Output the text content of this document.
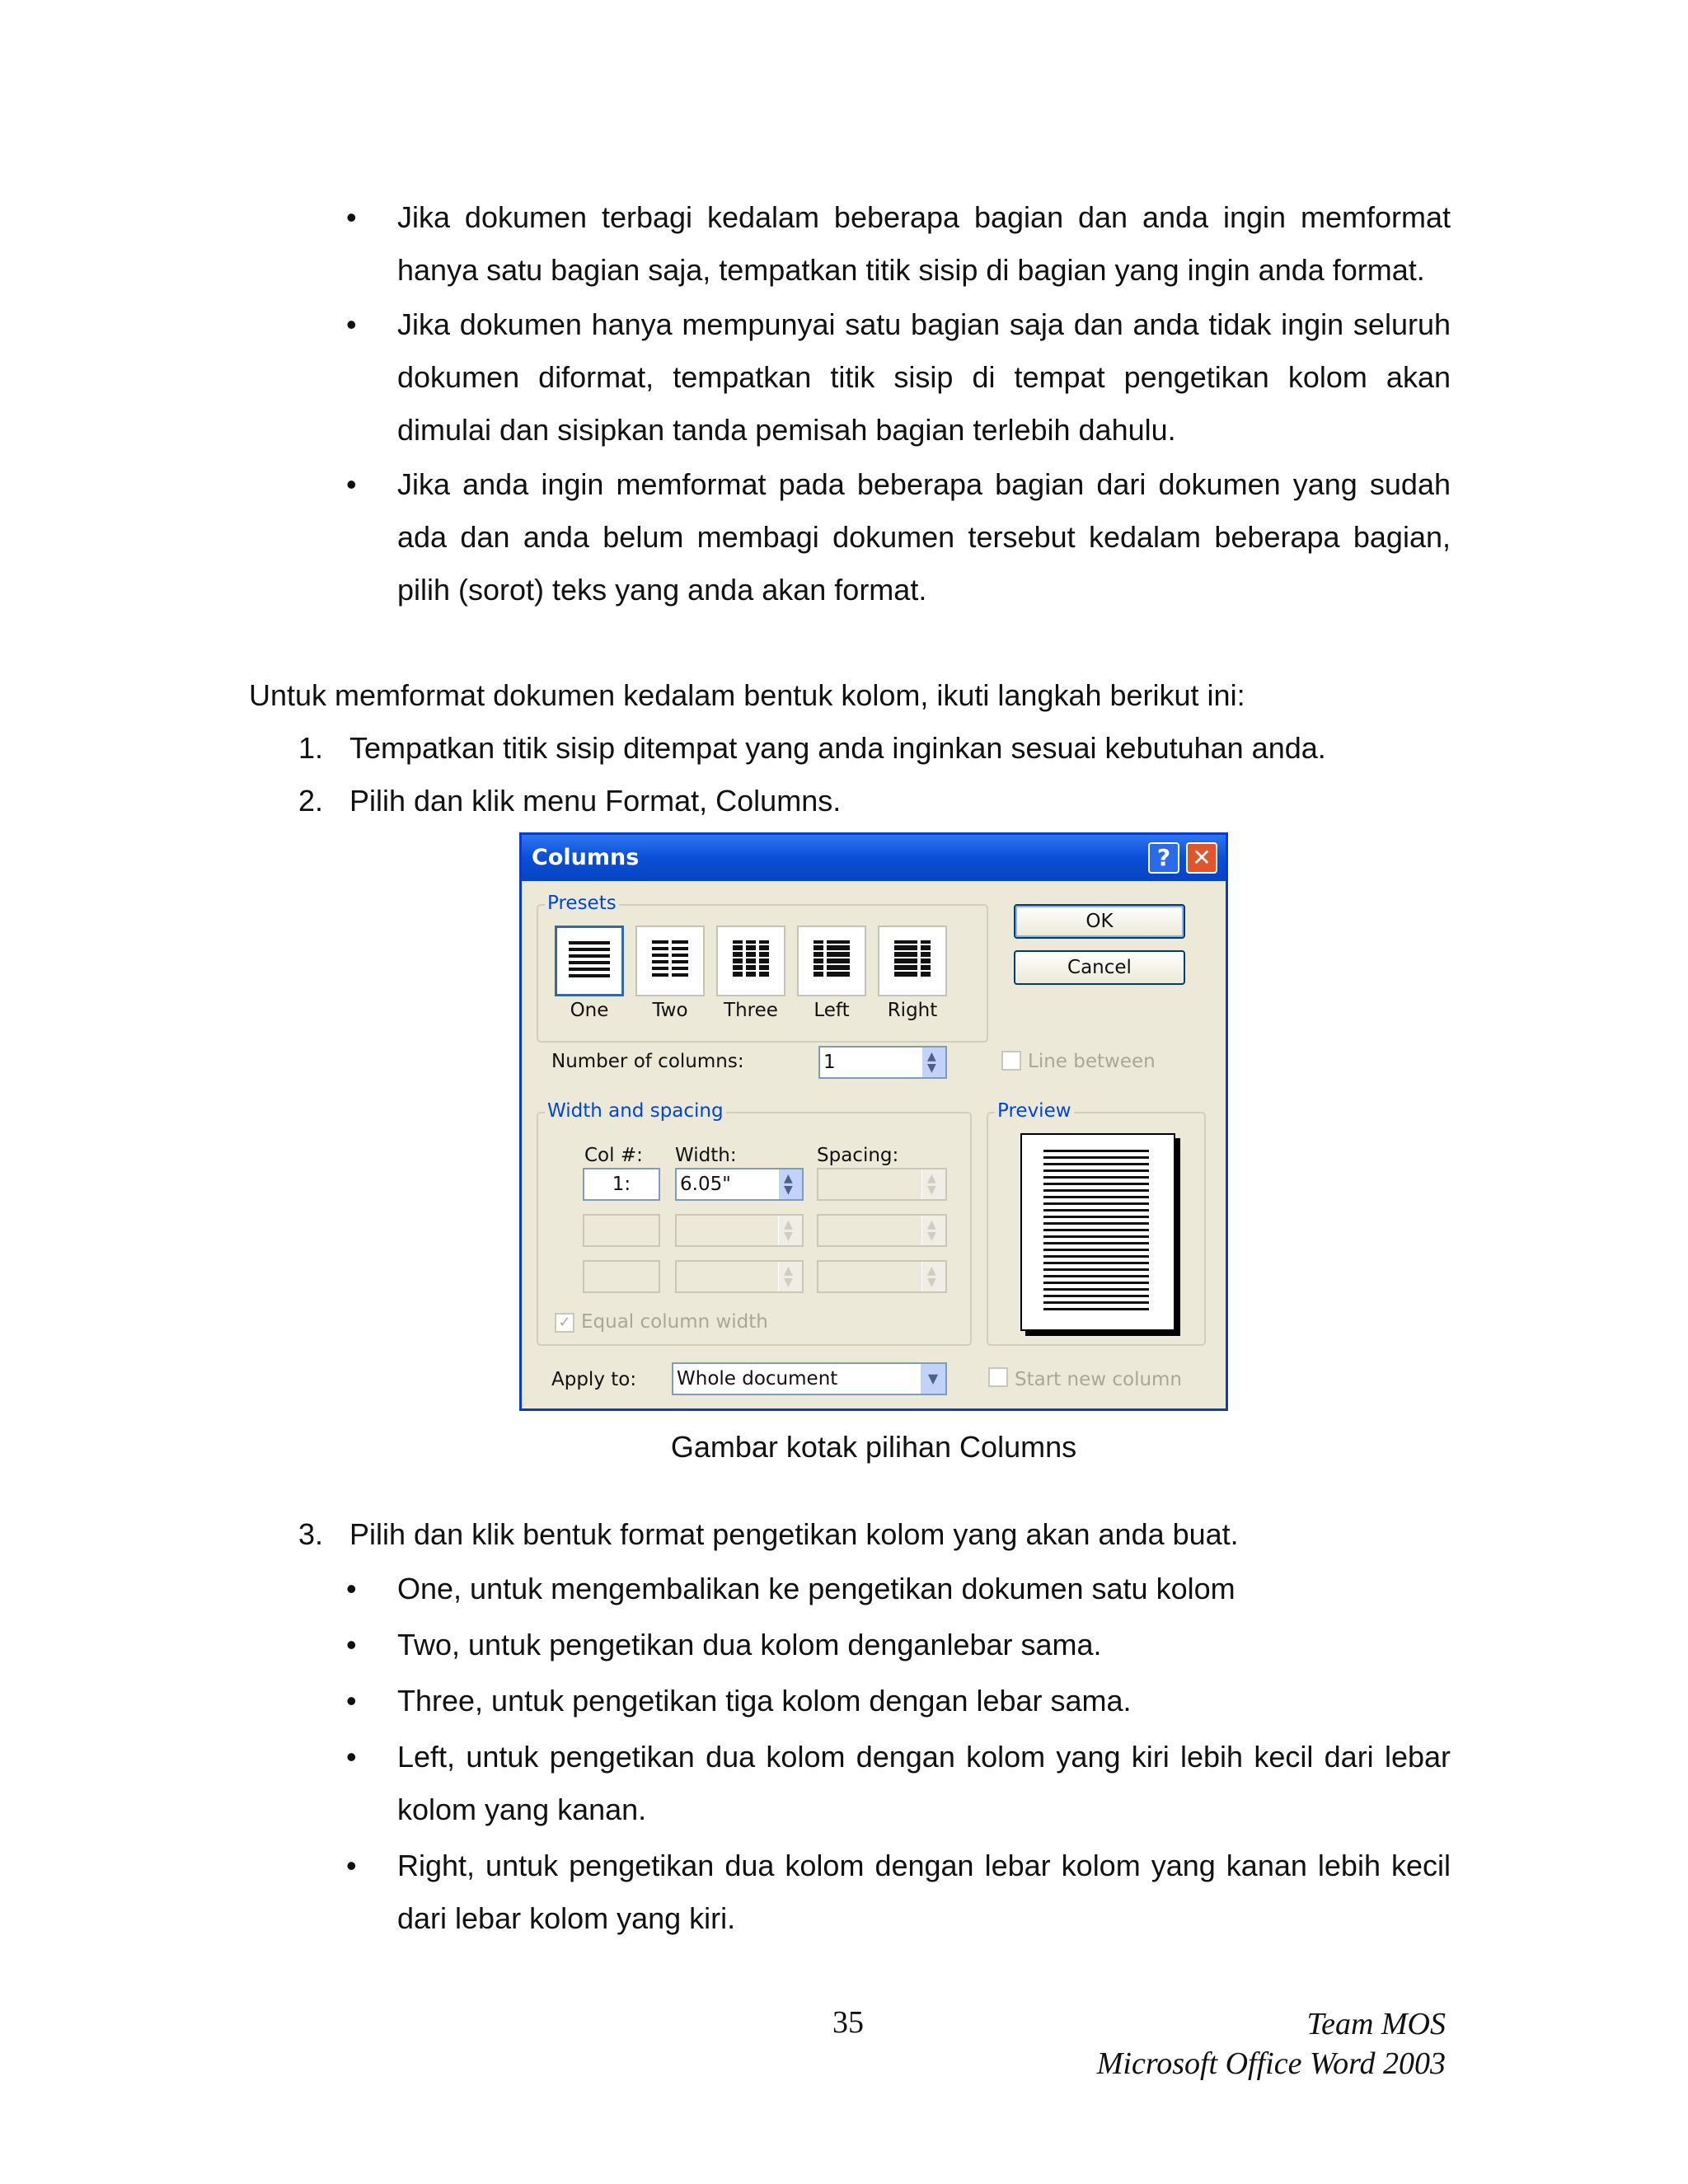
• Jika dokumen terbagi kedalam beberapa bagian dan anda ingin memformat hanya satu bagian saja, tempatkan titik sisip di bagian yang ingin anda format.
• Jika dokumen hanya mempunyai satu bagian saja dan anda tidak ingin seluruh dokumen diformat, tempatkan titik sisip di tempat pengetikan kolom akan dimulai dan sisipkan tanda pemisah bagian terlebih dahulu.
• Jika anda ingin memformat pada beberapa bagian dari dokumen yang sudah ada dan anda belum membagi dokumen tersebut kedalam beberapa bagian, pilih (sorot) teks yang anda akan format.
Untuk memformat dokumen kedalam bentuk kolom, ikuti langkah berikut ini:
1. Tempatkan titik sisip ditempat yang anda inginkan sesuai kebutuhan anda.
2. Pilih dan klik menu Format, Columns.
Columns	? ✕
Presets
One	Two	Three	Left	Right
OK
Cancel
Number of columns:	1	▲
▼	Line between
Width and spacing
Col #: Width:	Spacing:
1:	6.05"	▲
▼
▲
▼
▲
▼
▲
▼
▲
▼
▲
▼
✓ Equal column width
Preview
Apply to: Whole document	▼	Start new column
Gambar kotak pilihan Columns
3. Pilih dan klik bentuk format pengetikan kolom yang akan anda buat.
• One, untuk mengembalikan ke pengetikan dokumen satu kolom
• Two, untuk pengetikan dua kolom denganlebar sama.
• Three, untuk pengetikan tiga kolom dengan lebar sama.
• Left, untuk pengetikan dua kolom dengan kolom yang kiri lebih kecil dari lebar kolom yang kanan.
• Right, untuk pengetikan dua kolom dengan lebar kolom yang kanan lebih kecil dari lebar kolom yang kiri.
35	Team MOS
Microsoft Office Word 2003
